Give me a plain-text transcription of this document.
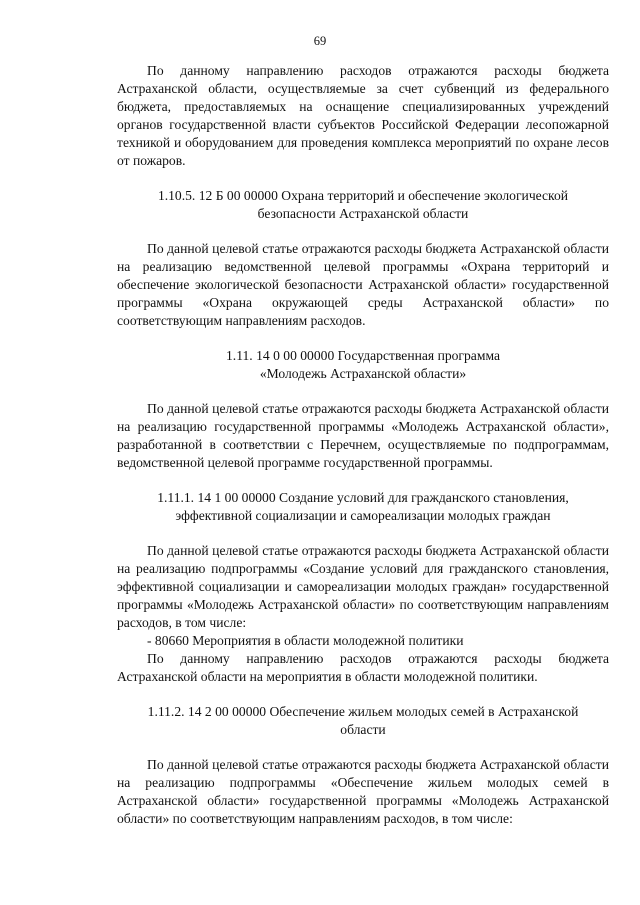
69

По данному направлению расходов отражаются расходы бюджета Астраханской области, осуществляемые за счет субвенций из федерального бюджета, предоставляемых на оснащение специализированных учреждений органов государственной власти субъектов Российской Федерации лесопожарной техникой и оборудованием для проведения комплекса мероприятий по охране лесов от пожаров.

1.10.5. 12 Б 00 00000 Охрана территорий и обеспечение экологической
безопасности Астраханской области

По данной целевой статье отражаются расходы бюджета Астраханской области на реализацию ведомственной целевой программы «Охрана территорий и обеспечение экологической безопасности Астраханской области» государственной программы «Охрана окружающей среды Астраханской области» по соответствующим направлениям расходов.

1.11. 14 0 00 00000 Государственная программа
«Молодежь Астраханской области»

По данной целевой статье отражаются расходы бюджета Астраханской области на реализацию государственной программы «Молодежь Астраханской области», разработанной в соответствии с Перечнем, осуществляемые по подпрограммам, ведомственной целевой программе государственной программы.

1.11.1. 14 1 00 00000 Создание условий для гражданского становления,
эффективной социализации и самореализации молодых граждан

По данной целевой статье отражаются расходы бюджета Астраханской области на реализацию подпрограммы «Создание условий для гражданского становления, эффективной социализации и самореализации молодых граждан» государственной программы «Молодежь Астраханской области» по соответствующим направлениям расходов, в том числе:

- 80660 Мероприятия в области молодежной политики

По данному направлению расходов отражаются расходы бюджета Астраханской области на мероприятия в области молодежной политики.

1.11.2. 14 2 00 00000 Обеспечение жильем молодых семей в Астраханской
области

По данной целевой статье отражаются расходы бюджета Астраханской области на реализацию подпрограммы «Обеспечение жильем молодых семей в Астраханской области» государственной программы «Молодежь Астраханской области» по соответствующим направлениям расходов, в том числе:
